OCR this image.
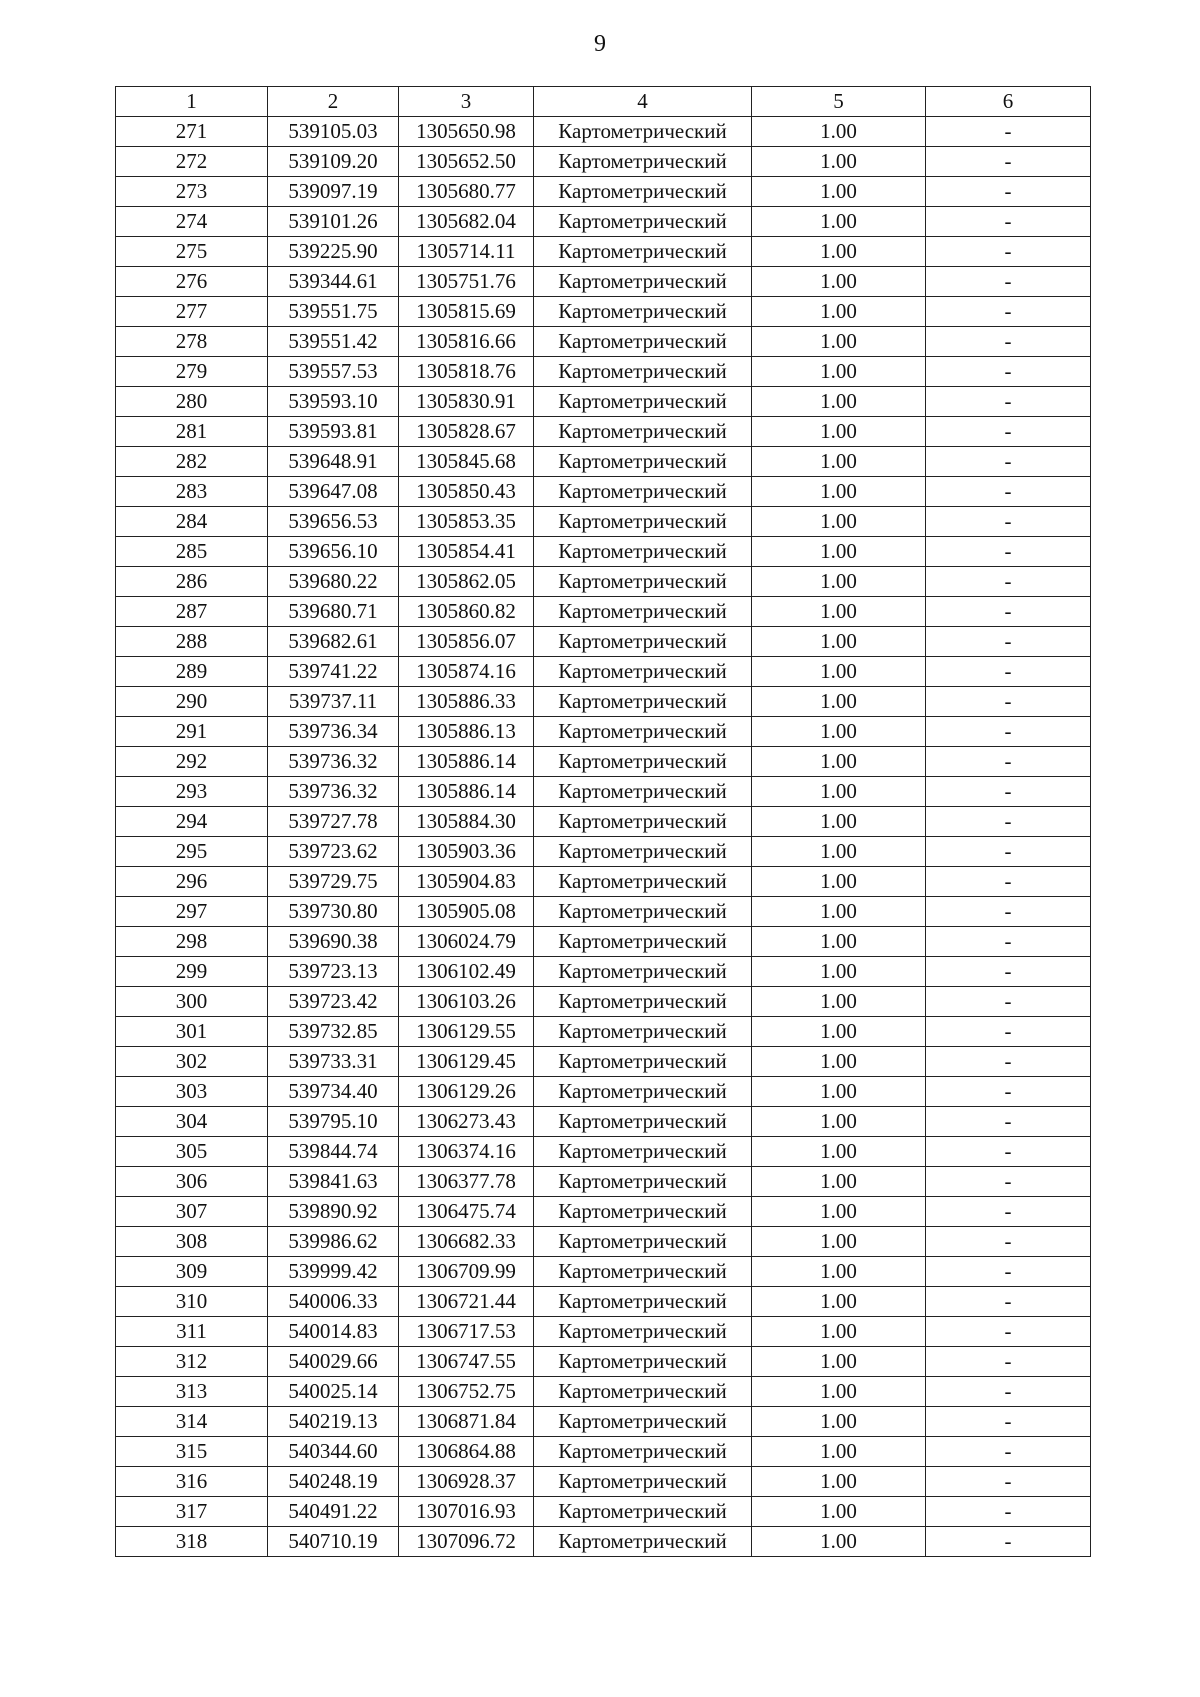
9
1	2	3	4	5	6
271	539105.03	1305650.98	Картометрический	1.00	-
272	539109.20	1305652.50	Картометрический	1.00	-
273	539097.19	1305680.77	Картометрический	1.00	-
274	539101.26	1305682.04	Картометрический	1.00	-
275	539225.90	1305714.11	Картометрический	1.00	-
276	539344.61	1305751.76	Картометрический	1.00	-
277	539551.75	1305815.69	Картометрический	1.00	-
278	539551.42	1305816.66	Картометрический	1.00	-
279	539557.53	1305818.76	Картометрический	1.00	-
280	539593.10	1305830.91	Картометрический	1.00	-
281	539593.81	1305828.67	Картометрический	1.00	-
282	539648.91	1305845.68	Картометрический	1.00	-
283	539647.08	1305850.43	Картометрический	1.00	-
284	539656.53	1305853.35	Картометрический	1.00	-
285	539656.10	1305854.41	Картометрический	1.00	-
286	539680.22	1305862.05	Картометрический	1.00	-
287	539680.71	1305860.82	Картометрический	1.00	-
288	539682.61	1305856.07	Картометрический	1.00	-
289	539741.22	1305874.16	Картометрический	1.00	-
290	539737.11	1305886.33	Картометрический	1.00	-
291	539736.34	1305886.13	Картометрический	1.00	-
292	539736.32	1305886.14	Картометрический	1.00	-
293	539736.32	1305886.14	Картометрический	1.00	-
294	539727.78	1305884.30	Картометрический	1.00	-
295	539723.62	1305903.36	Картометрический	1.00	-
296	539729.75	1305904.83	Картометрический	1.00	-
297	539730.80	1305905.08	Картометрический	1.00	-
298	539690.38	1306024.79	Картометрический	1.00	-
299	539723.13	1306102.49	Картометрический	1.00	-
300	539723.42	1306103.26	Картометрический	1.00	-
301	539732.85	1306129.55	Картометрический	1.00	-
302	539733.31	1306129.45	Картометрический	1.00	-
303	539734.40	1306129.26	Картометрический	1.00	-
304	539795.10	1306273.43	Картометрический	1.00	-
305	539844.74	1306374.16	Картометрический	1.00	-
306	539841.63	1306377.78	Картометрический	1.00	-
307	539890.92	1306475.74	Картометрический	1.00	-
308	539986.62	1306682.33	Картометрический	1.00	-
309	539999.42	1306709.99	Картометрический	1.00	-
310	540006.33	1306721.44	Картометрический	1.00	-
311	540014.83	1306717.53	Картометрический	1.00	-
312	540029.66	1306747.55	Картометрический	1.00	-
313	540025.14	1306752.75	Картометрический	1.00	-
314	540219.13	1306871.84	Картометрический	1.00	-
315	540344.60	1306864.88	Картометрический	1.00	-
316	540248.19	1306928.37	Картометрический	1.00	-
317	540491.22	1307016.93	Картометрический	1.00	-
318	540710.19	1307096.72	Картометрический	1.00	-
